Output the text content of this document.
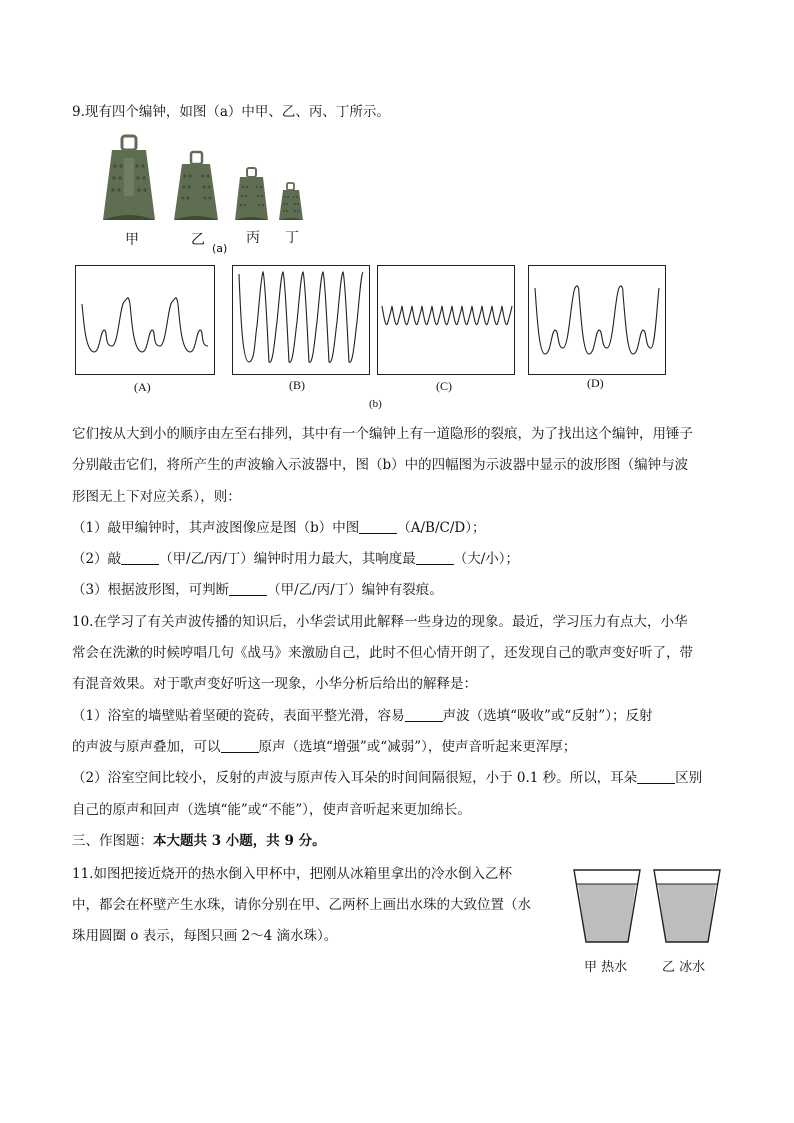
9.现有四个编钟，如图（a）中甲、乙、丙、丁所示。
甲	乙	丙 丁
(a)
(A)	(B)	(C)	(D)
(b)
它们按从大到小的顺序由左至右排列，其中有一个编钟上有一道隐形的裂痕，为了找出这个编钟，用锤子
分别敲击它们，将所产生的声波输入示波器中，图（b）中的四幅图为示波器中显示的波形图（编钟与波
形图无上下对应关系），则：
（1）敲甲编钟时，其声波图像应是图（b）中图	（A/B/C/D）；
（2）敲	（甲/乙/丙/丁）编钟时用力最大，其响度最	（大/小）；
（3）根据波形图，可判断	（甲/乙/丙/丁）编钟有裂痕。
10.在学习了有关声波传播的知识后，小华尝试用此解释一些身边的现象。最近，学习压力有点大，小华
常会在洗漱的时候哼唱几句《战马》来激励自己，此时不但心情开朗了，还发现自己的歌声变好听了，带
有混音效果。对于歌声变好听这一现象，小华分析后给出的解释是：
（1）浴室的墙壁贴着坚硬的瓷砖，表面平整光滑，容易	声波（选填“吸收”或“反射”）；反射
的声波与原声叠加，可以	原声（选填“增强”或“减弱”），使声音听起来更浑厚；
（2）浴室空间比较小，反射的声波与原声传入耳朵的时间间隔很短，小于 0.1 秒。所以，耳朵	区别
自己的原声和回声（选填“能”或“不能”），使声音听起来更加绵长。
三、作图题：本大题共 3 小题，共 9 分。
11.如图把接近烧开的热水倒入甲杯中，把刚从冰箱里拿出的冷水倒入乙杯
中，都会在杯壁产生水珠，请你分别在甲、乙两杯上画出水珠的大致位置（水
珠用圆圈 o 表示，每图只画 2～4 滴水珠）。
甲 热水	乙 冰水
